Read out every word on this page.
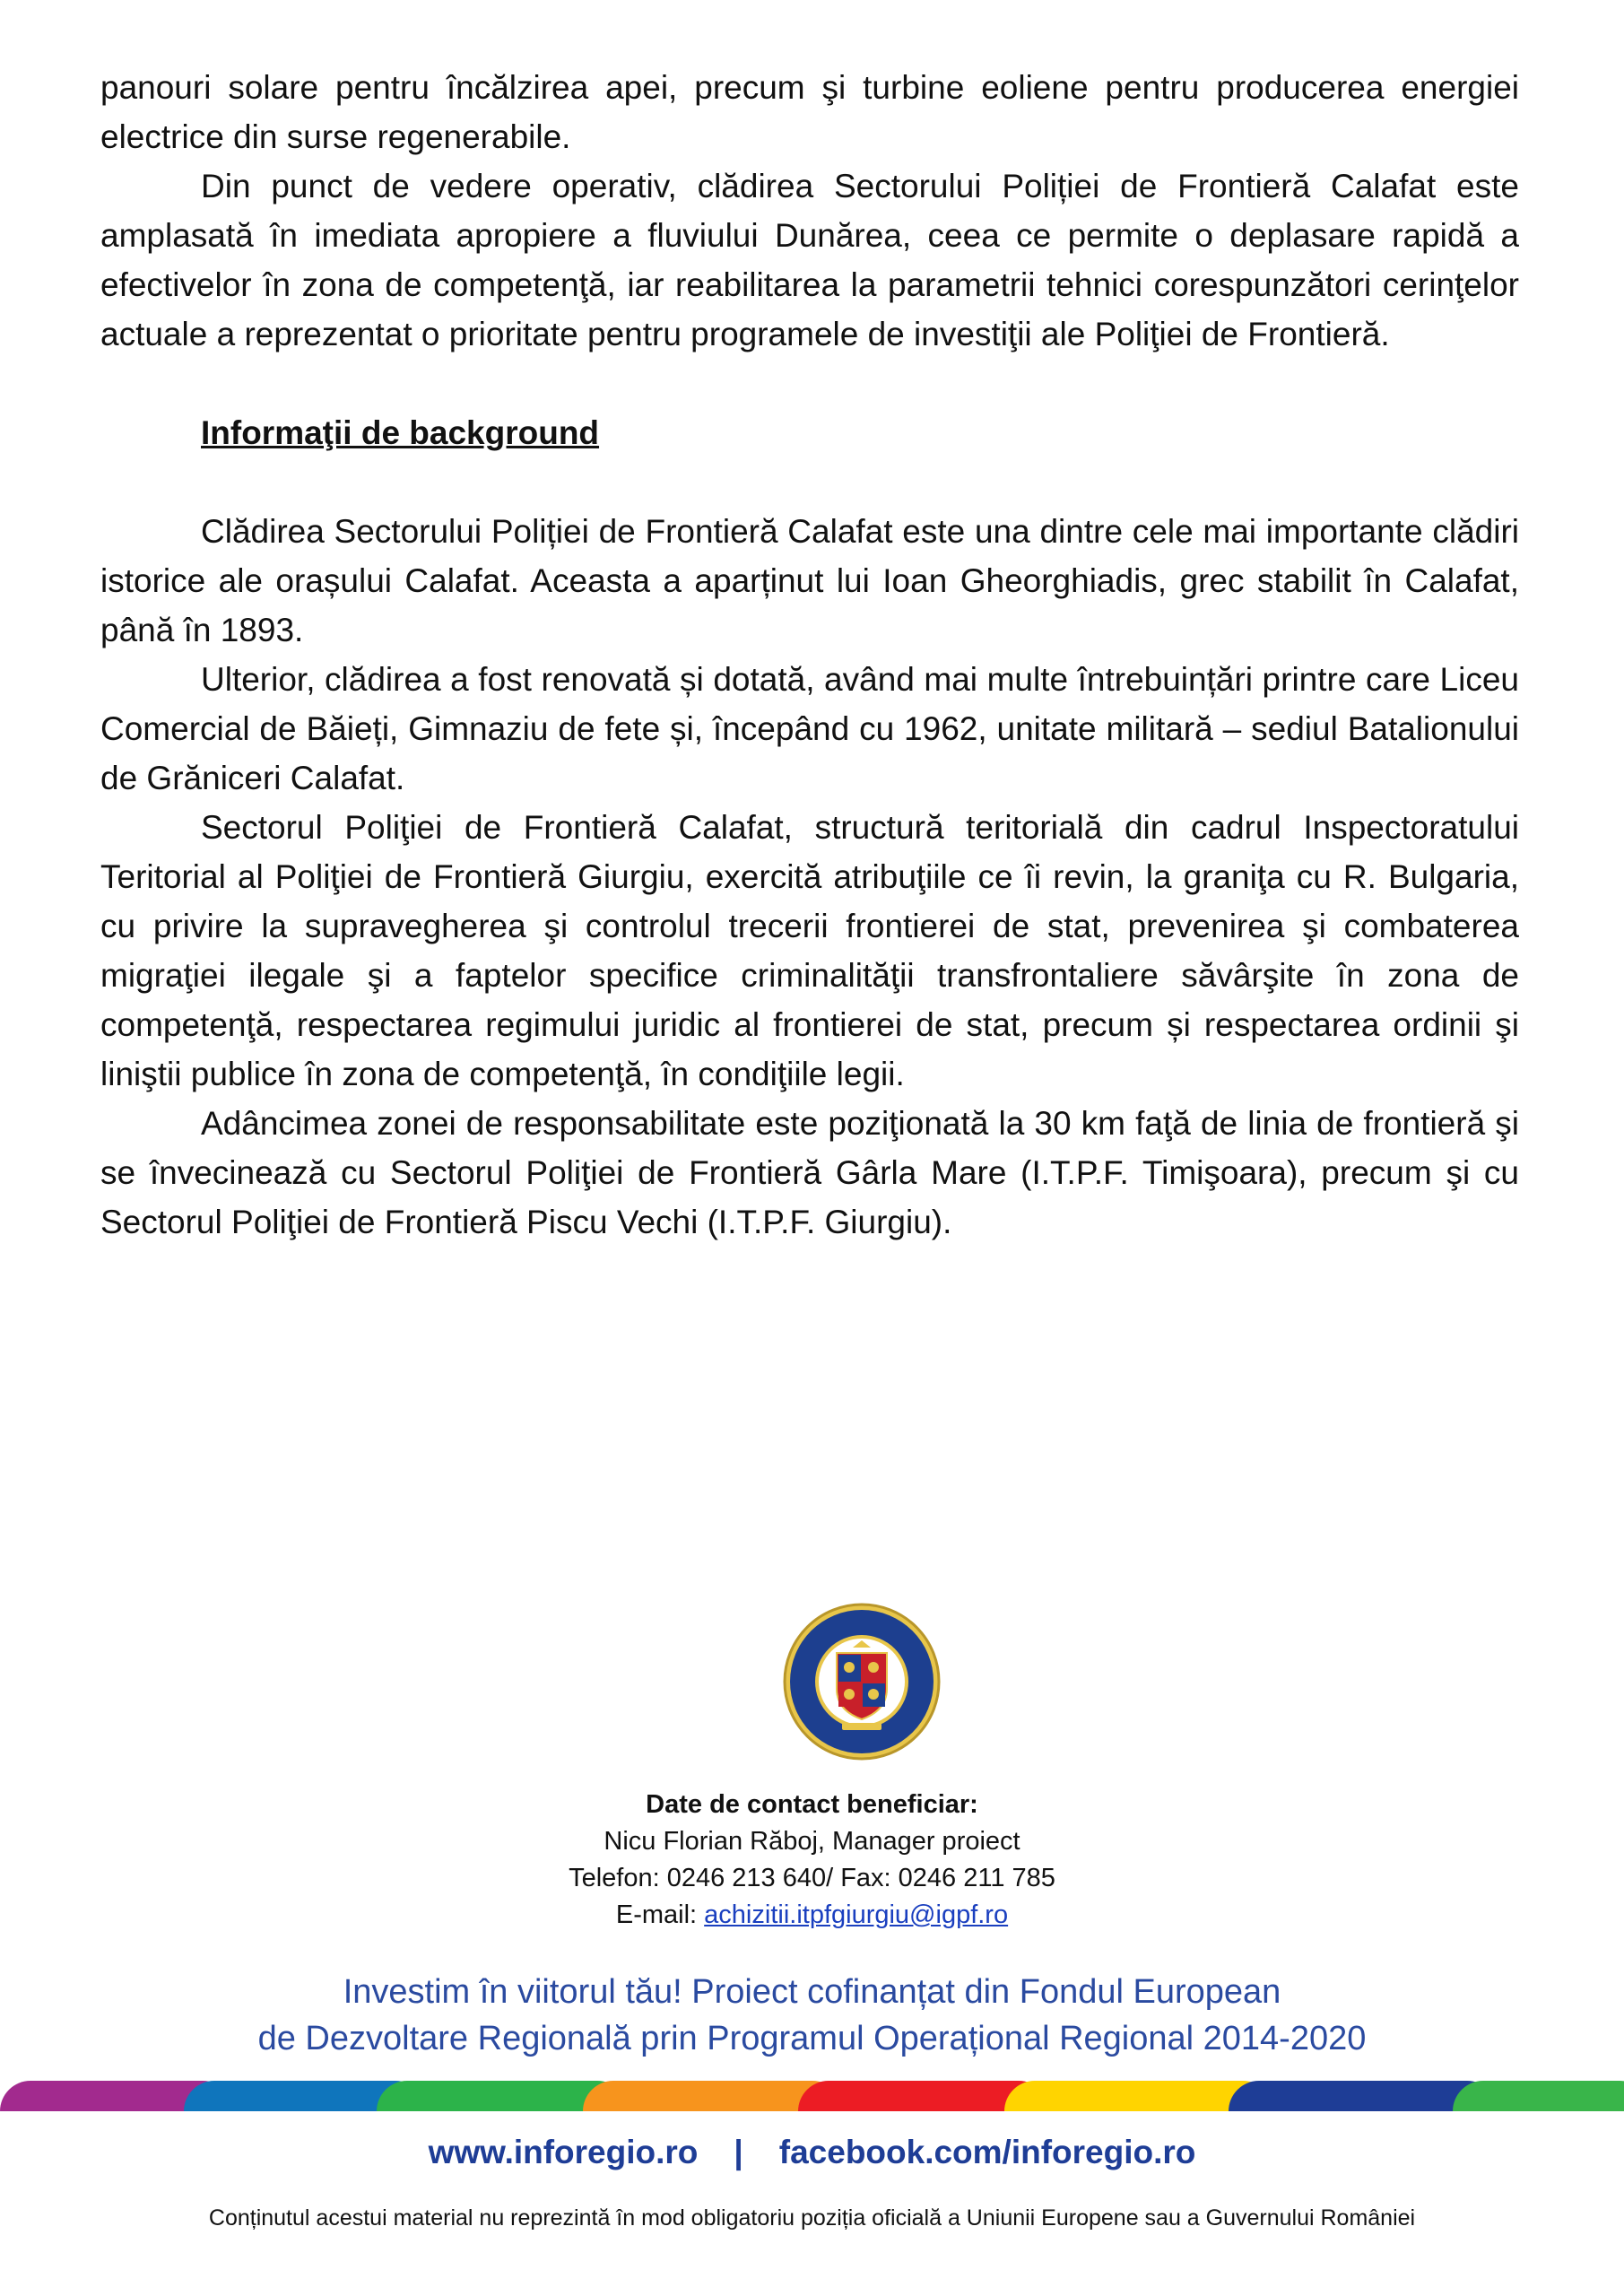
panouri solare pentru încălzirea apei, precum şi turbine eoliene pentru producerea energiei electrice din surse regenerabile.

Din punct de vedere operativ, clădirea Sectorului Poliției de Frontieră Calafat este amplasată în imediata apropiere a fluviului Dunărea, ceea ce permite o deplasare rapidă a efectivelor în zona de competenţă, iar reabilitarea la parametrii tehnici corespunzători cerinţelor actuale a reprezentat o prioritate pentru programele de investiţii ale Poliţiei de Frontieră.

Informaţii de background

Clădirea Sectorului Poliției de Frontieră Calafat este una dintre cele mai importante clădiri istorice ale orașului Calafat. Aceasta a aparținut lui Ioan Gheorghiadis, grec stabilit în Calafat, până în 1893.

Ulterior, clădirea a fost renovată și dotată, având mai multe întrebuințări printre care Liceu Comercial de Băieți, Gimnaziu de fete și, începând cu 1962, unitate militară – sediul Batalionului de Grăniceri Calafat.

Sectorul Poliţiei de Frontieră Calafat, structură teritorială din cadrul Inspectoratului Teritorial al Poliţiei de Frontieră Giurgiu, exercită atribuţiile ce îi revin, la graniţa cu R. Bulgaria, cu privire la supravegherea şi controlul trecerii frontierei de stat, prevenirea şi combaterea migraţiei ilegale şi a faptelor specifice criminalităţii transfrontaliere săvârşite în zona de competenţă, respectarea regimului juridic al frontierei de stat, precum și respectarea ordinii şi liniştii publice în zona de competenţă, în condiţiile legii.

Adâncimea zonei de responsabilitate este poziţionată la 30 km faţă de linia de frontieră şi se învecinează cu Sectorul Poliţiei de Frontieră Gârla Mare (I.T.P.F. Timişoara), precum şi cu Sectorul Poliţiei de Frontieră Piscu Vechi (I.T.P.F. Giurgiu).

Date de contact beneficiar:
Nicu Florian Răboj, Manager proiect
Telefon: 0246 213 640/ Fax: 0246 211 785
E-mail: achizitii.itpfgiurgiu@igpf.ro
Investim în viitorul tău! Proiect cofinanțat din Fondul European
de Dezvoltare Regională prin Programul Operațional Regional 2014-2020
www.inforegio.ro | facebook.com/inforegio.ro
Conținutul acestui material nu reprezintă în mod obligatoriu poziția oficială a Uniunii Europene sau a Guvernului României
